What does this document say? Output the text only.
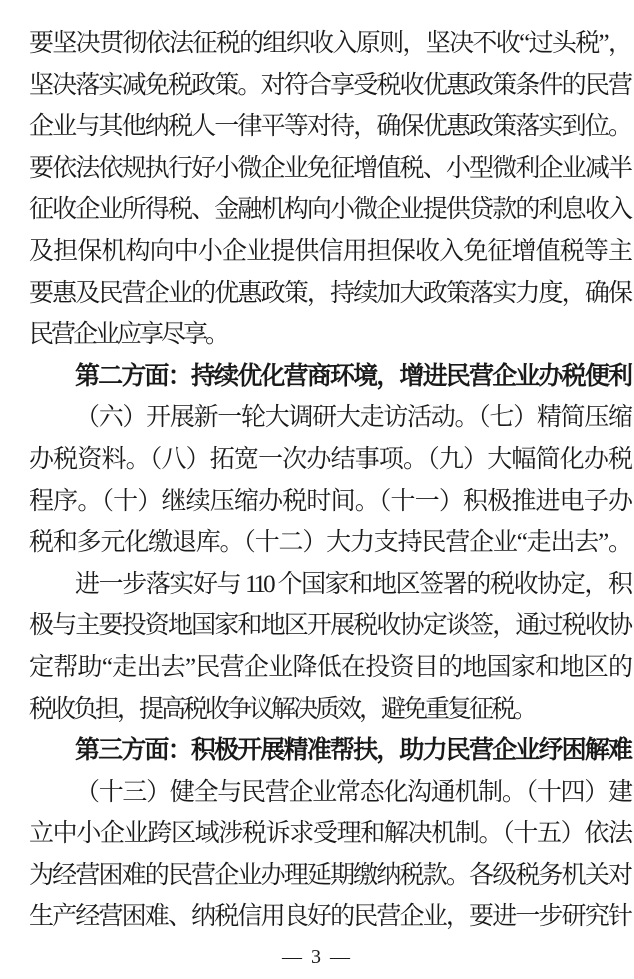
要坚决贯彻依法征税的组织收入原则，坚决不收“过头税”，
坚决落实减免税政策。对符合享受税收优惠政策条件的民营
企业与其他纳税人一律平等对待，确保优惠政策落实到位。
要依法依规执行好小微企业免征增值税、小型微利企业减半
征收企业所得税、金融机构向小微企业提供贷款的利息收入
及担保机构向中小企业提供信用担保收入免征增值税等主
要惠及民营企业的优惠政策，持续加大政策落实力度，确保
民营企业应享尽享。
第二方面：持续优化营商环境，增进民营企业办税便利
（六）开展新一轮大调研大走访活动。（七）精简压缩
办税资料。（八）拓宽一次办结事项。（九）大幅简化办税
程序。（十）继续压缩办税时间。（十一）积极推进电子办
税和多元化缴退库。（十二）大力支持民营企业“走出去”。
进一步落实好与 110 个国家和地区签署的税收协定，积
极与主要投资地国家和地区开展税收协定谈签，通过税收协
定帮助“走出去”民营企业降低在投资目的地国家和地区的
税收负担，提高税收争议解决质效，避免重复征税。
第三方面：积极开展精准帮扶，助力民营企业纾困解难
（十三）健全与民营企业常态化沟通机制。（十四）建
立中小企业跨区域涉税诉求受理和解决机制。（十五）依法
为经营困难的民营企业办理延期缴纳税款。各级税务机关对
生产经营困难、纳税信用良好的民营企业，要进一步研究针
— 3 —
